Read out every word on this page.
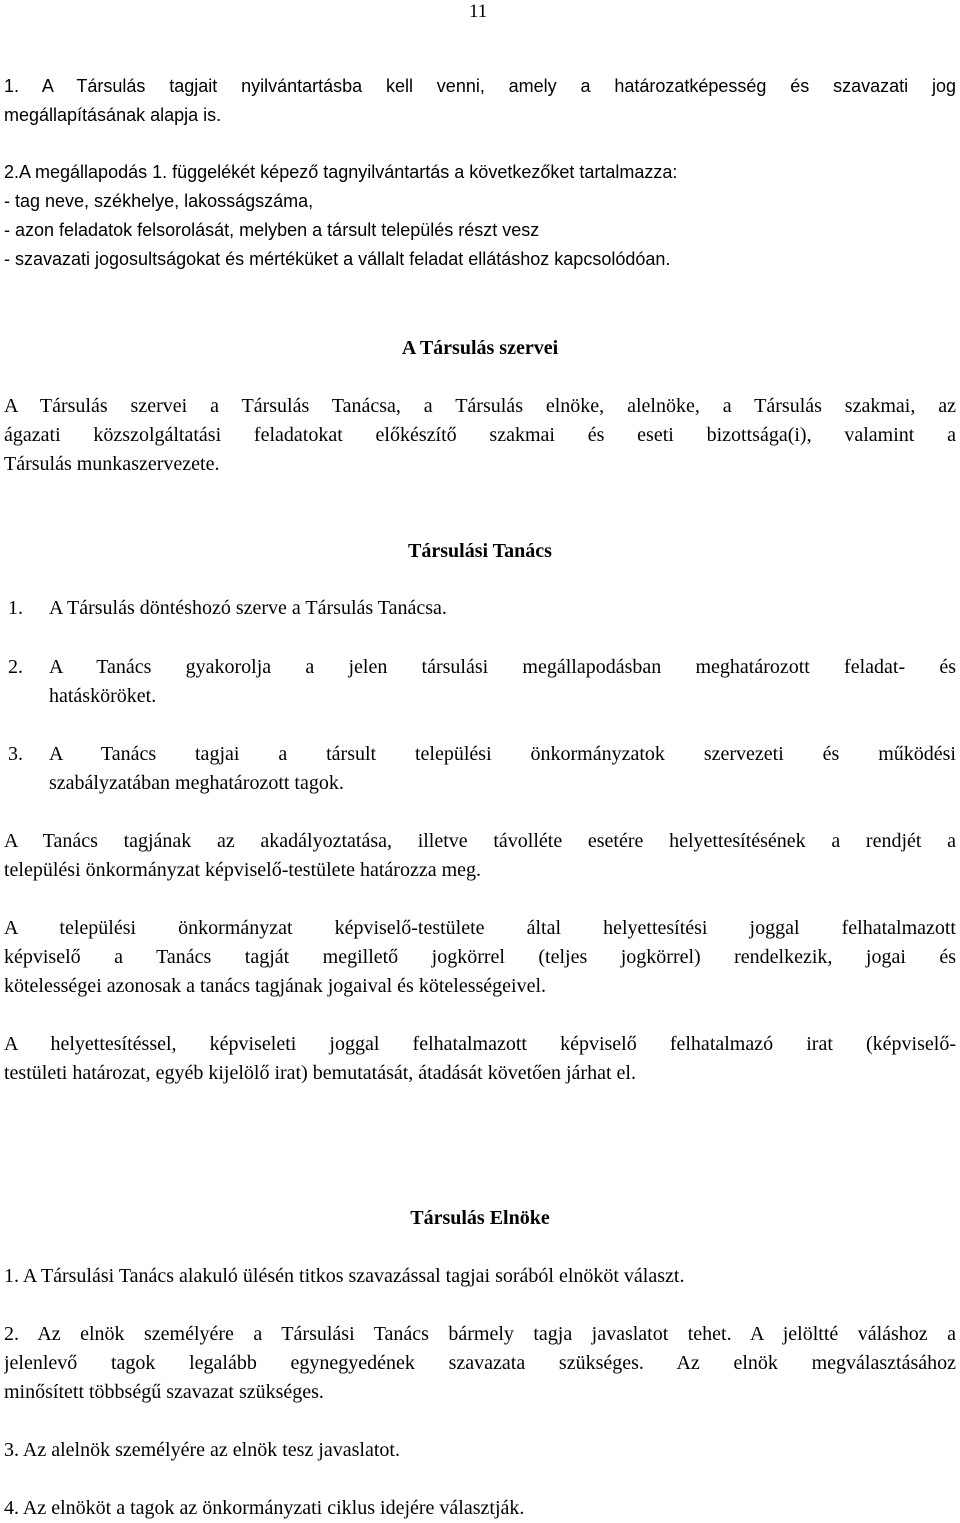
11
1. A Társulás tagjait nyilvántartásba kell venni, amely a határozatképesség és szavazati jog
megállapításának alapja is.
2.A megállapodás 1. függelékét képező tagnyilvántartás a következőket tartalmazza:
- tag neve, székhelye, lakosságszáma,
- azon feladatok felsorolását, melyben a társult település részt vesz
- szavazati jogosultságokat és mértéküket a vállalt feladat ellátáshoz kapcsolódóan.
A Társulás szervei
A Társulás szervei a Társulás Tanácsa, a Társulás elnöke, alelnöke, a Társulás szakmai, az
ágazati közszolgáltatási feladatokat előkészítő szakmai és eseti bizottsága(i), valamint a
Társulás munkaszervezete.
Társulási Tanács
1. A Társulás döntéshozó szerve a Társulás Tanácsa.
2. A Tanács gyakorolja a jelen társulási megállapodásban meghatározott feladat- és
hatásköröket.
3. A Tanács tagjai a társult települési önkormányzatok szervezeti és működési
szabályzatában meghatározott tagok.
A Tanács tagjának az akadályoztatása, illetve távolléte esetére helyettesítésének a rendjét a
települési önkormányzat képviselő-testülete határozza meg.
A települési önkormányzat képviselő-testülete által helyettesítési joggal felhatalmazott
képviselő a Tanács tagját megillető jogkörrel (teljes jogkörrel) rendelkezik, jogai és
kötelességei azonosak a tanács tagjának jogaival és kötelességeivel.
A helyettesítéssel, képviseleti joggal felhatalmazott képviselő felhatalmazó irat (képviselő-
testületi határozat, egyéb kijelölő irat) bemutatását, átadását követően járhat el.
Társulás Elnöke
1. A Társulási Tanács alakuló ülésén titkos szavazással tagjai sorából elnököt választ.
2. Az elnök személyére a Társulási Tanács bármely tagja javaslatot tehet. A jelöltté váláshoz a
jelenlevő tagok legalább egynegyedének szavazata szükséges. Az elnök megválasztásához
minősített többségű szavazat szükséges.
3. Az alelnök személyére az elnök tesz javaslatot.
4. Az elnököt a tagok az önkormányzati ciklus idejére választják.
